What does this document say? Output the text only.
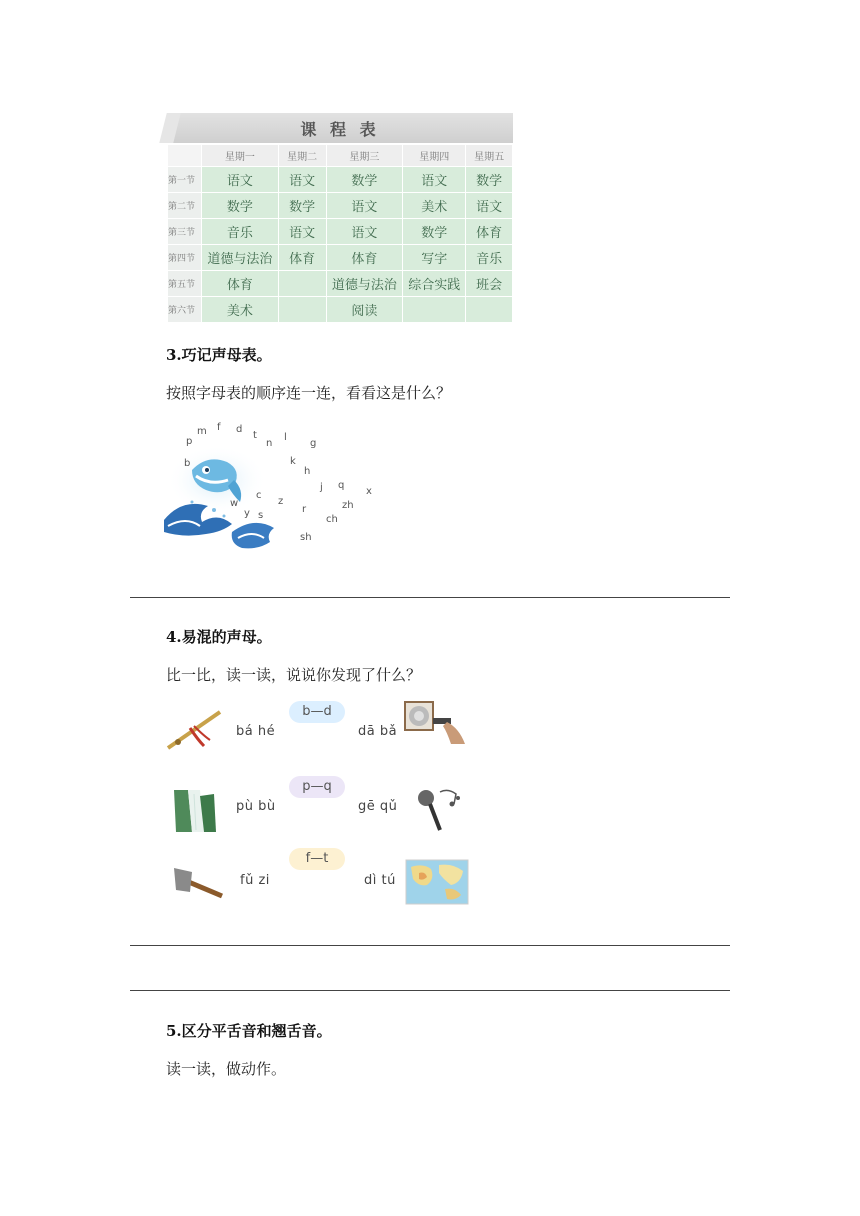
课 程 表
	星期一	星期二	星期三	星期四	星期五
第一节	语文	语文	数学	语文	数学
第二节	数学	数学	语文	美术	语文
第三节	音乐	语文	语文	数学	体育
第四节	道德与法治	体育	体育	写字	音乐
第五节	体育		道德与法治	综合实践	班会
第六节	美术		阅读		
3.巧记声母表。
按照字母表的顺序连一连，看看这是什么？
p
m f d
t
n
l
g
k
h
j q
x
zh
ch
sh
r
z
c
s
y
w
b
4.易混的声母。
比一比，读一读，说说你发现了什么？
bá hé
b—d
dā bǎ
pù bù
p—q
gē qǔ
fǔ zi
f—t
dì tú
5.区分平舌音和翘舌音。
读一读，做动作。
